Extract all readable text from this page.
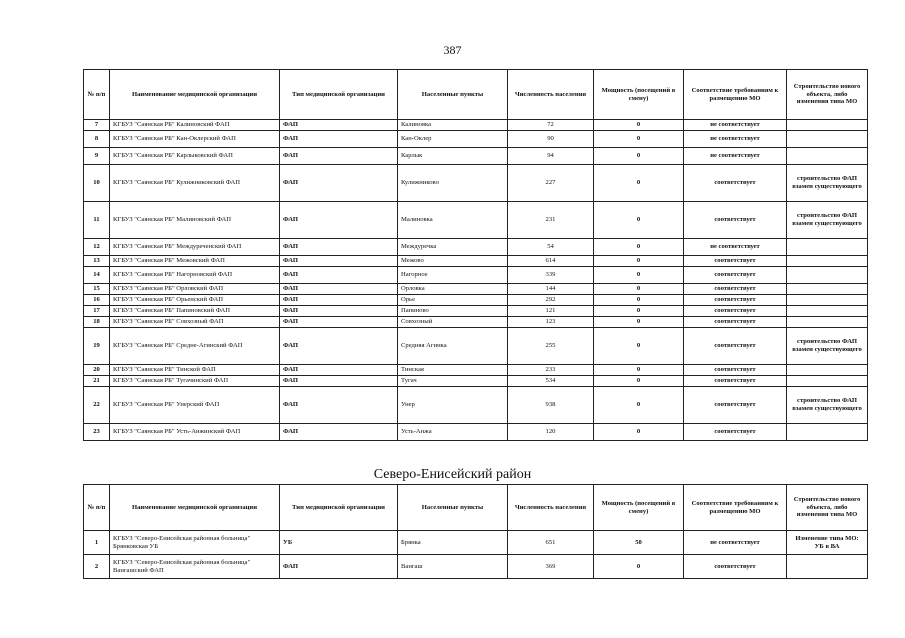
387
№ п/п	Наименование медицинской организации	Тип медицинской организации	Населенные пункты	Численность населения	Мощность (посещений в смену)	Соответствие требованиям к размещению МО	Строительство нового объекта, либо изменения типа МО
7	КГБУЗ "Саянская РБ" Калиновский ФАП	ФАП	Калиновка	72	0	не соответствует	
8	КГБУЗ "Саянская РБ" Кан-Оклерский ФАП	ФАП	Кан-Оклер	90	0	не соответствует	
9	КГБУЗ "Саянская РБ" Карлыковский ФАП	ФАП	Карлык	94	0	не соответствует	
10	КГБУЗ "Саянская РБ" Кулижниковский ФАП	ФАП	Кулижниково	227	0	соответствует	строительство ФАП взамен существующего
11	КГБУЗ "Саянская РБ" Малиновский ФАП	ФАП	Малиновка	231	0	соответствует	строительство ФАП взамен существующего
12	КГБУЗ "Саянская РБ" Междуреченский ФАП	ФАП	Междуречка	54	0	не соответствует	
13	КГБУЗ "Саянская РБ" Межовский ФАП	ФАП	Межово	614	0	соответствует	
14	КГБУЗ "Саянская РБ" Нагорновский ФАП	ФАП	Нагорное	339	0	соответствует	
15	КГБУЗ "Саянская РБ" Орловский ФАП	ФАП	Орловка	144	0	соответствует	
16	КГБУЗ "Саянская РБ" Орьенский ФАП	ФАП	Орье	292	0	соответствует	
17	КГБУЗ "Саянская РБ" Папиновский ФАП	ФАП	Папиново	121	0	соответствует	
18	КГБУЗ "Саянская РБ" Совхозный ФАП	ФАП	Совхозный	123	0	соответствует	
19	КГБУЗ "Саянская РБ" Средне-Агинский ФАП	ФАП	Средняя Агинка	255	0	соответствует	строительство ФАП взамен существующего
20	КГБУЗ "Саянская РБ" Тинской ФАП	ФАП	Тинская	233	0	соответствует	
21	КГБУЗ "Саянская РБ" Тугачинский ФАП	ФАП	Тугач	534	0	соответствует	
22	КГБУЗ "Саянская РБ" Унерский ФАП	ФАП	Унер	938	0	соответствует	строительство ФАП взамен существующего
23	КГБУЗ "Саянская РБ" Усть-Анжинский ФАП	ФАП	Усть-Анжа	120	0	соответствует	
Северо-Енисейский район
№ п/п	Наименование медицинской организации	Тип медицинской организации	Населенные пункты	Численность населения	Мощность (посещений в смену)	Соответствие требованиям к размещению МО	Строительство нового объекта, либо изменения типа МО
1	КГБУЗ "Северо-Енисейская районная больница" Брянковская УБ	УБ	Брянка	651	50	не соответствует	Изменение типа МО: УБ в ВА
2	КГБУЗ "Северо-Енисейская районная больница" Вангашский ФАП	ФАП	Вангаш	369	0	соответствует	
